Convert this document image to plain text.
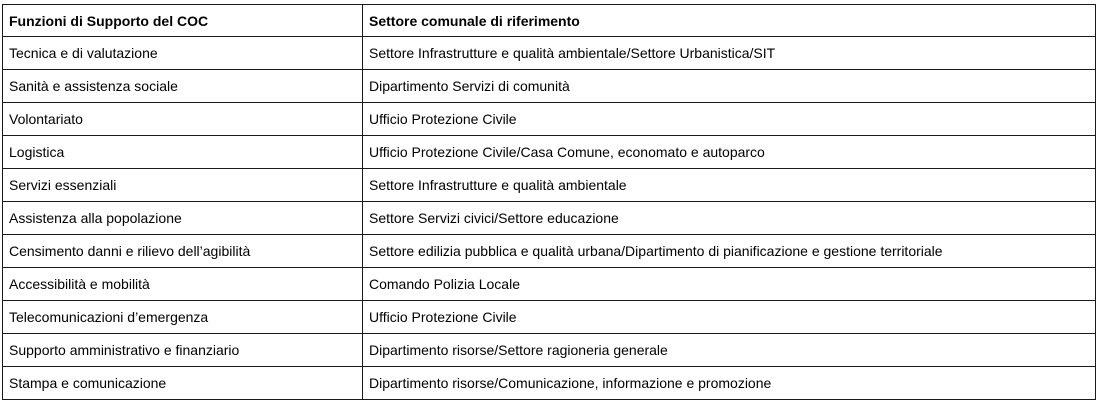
Funzioni di Supporto del COC	Settore comunale di riferimento
Tecnica e di valutazione	Settore Infrastrutture e qualità ambientale/Settore Urbanistica/SIT
Sanità e assistenza sociale	Dipartimento Servizi di comunità
Volontariato	Ufficio Protezione Civile
Logistica	Ufficio Protezione Civile/Casa Comune, economato e autoparco
Servizi essenziali	Settore Infrastrutture e qualità ambientale
Assistenza alla popolazione	Settore Servizi civici/Settore educazione
Censimento danni e rilievo dell’agibilità	Settore edilizia pubblica e qualità urbana/Dipartimento di pianificazione e gestione territoriale
Accessibilità e mobilità	Comando Polizia Locale
Telecomunicazioni d’emergenza	Ufficio Protezione Civile
Supporto amministrativo e finanziario	Dipartimento risorse/Settore ragioneria generale
Stampa e comunicazione	Dipartimento risorse/Comunicazione, informazione e promozione
